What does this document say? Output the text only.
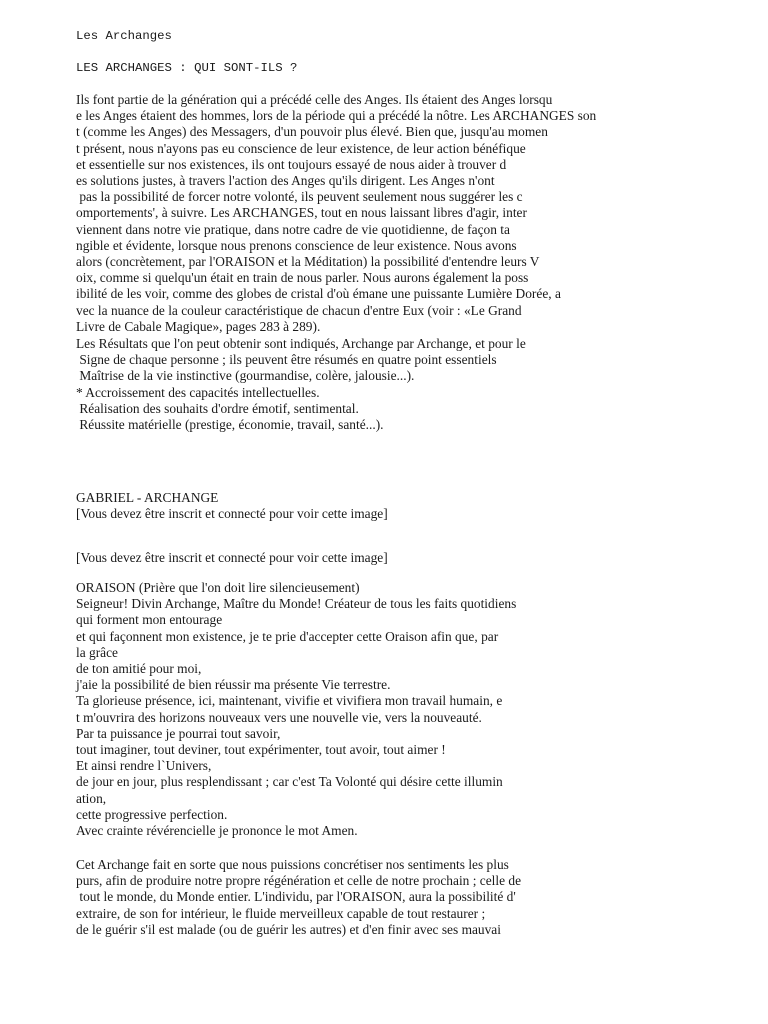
Les Archanges
LES ARCHANGES : QUI SONT-ILS ?
Ils font partie de la génération qui a précédé celle des Anges. Ils étaient des Anges lorsqu
e les Anges étaient des hommes, lors de la période qui a précédé la nôtre. Les ARCHANGES son
t (comme les Anges) des Messagers, d'un pouvoir plus élevé. Bien que, jusqu'au momen
t présent, nous n'ayons pas eu conscience de leur existence, de leur action bénéfique
et essentielle sur nos existences, ils ont toujours essayé de nous aider à trouver d
es solutions justes, à travers l'action des Anges qu'ils dirigent. Les Anges n'ont
pas la possibilité de forcer notre volonté, ils peuvent seulement nous suggérer les c
omportements', à suivre. Les ARCHANGES, tout en nous laissant libres d'agir, inter
viennent dans notre vie pratique, dans notre cadre de vie quotidienne, de façon ta
ngible et évidente, lorsque nous prenons conscience de leur existence. Nous avons
alors (concrètement, par l'ORAISON et la Méditation) la possibilité d'entendre leurs V
oix, comme si quelqu'un était en train de nous parler. Nous aurons également la poss
ibilité de les voir, comme des globes de cristal d'où émane une puissante Lumière Dorée, a
vec la nuance de la couleur caractéristique de chacun d'entre Eux (voir : «Le Grand
Livre de Cabale Magique», pages 283 à 289).
Les Résultats que l'on peut obtenir sont indiqués, Archange par Archange, et pour le
Signe de chaque personne ; ils peuvent être résumés en quatre point essentiels
Maîtrise de la vie instinctive (gourmandise, colère, jalousie...).
* Accroissement des capacités intellectuelles.
Réalisation des souhaits d'ordre émotif, sentimental.
Réussite matérielle (prestige, économie, travail, santé...).
GABRIEL - ARCHANGE
[Vous devez être inscrit et connecté pour voir cette image]
[Vous devez être inscrit et connecté pour voir cette image]
ORAISON (Prière que l'on doit lire silencieusement)
Seigneur! Divin Archange, Maître du Monde! Créateur de tous les faits quotidiens
qui forment mon entourage
et qui façonnent mon existence, je te prie d'accepter cette Oraison afin que, par
la grâce
de ton amitié pour moi,
j'aie la possibilité de bien réussir ma présente Vie terrestre.
Ta glorieuse présence, ici, maintenant, vivifie et vivifiera mon travail humain, e
t m'ouvrira des horizons nouveaux vers une nouvelle vie, vers la nouveauté.
Par ta puissance je pourrai tout savoir,
tout imaginer, tout deviner, tout expérimenter, tout avoir, tout aimer !
Et ainsi rendre l`Univers,
de jour en jour, plus resplendissant ; car c'est Ta Volonté qui désire cette illumin
ation,
cette progressive perfection.
Avec crainte révérencielle je prononce le mot Amen.
Cet Archange fait en sorte que nous puissions concrétiser nos sentiments les plus
purs, afin de produire notre propre régénération et celle de notre prochain ; celle de
tout le monde, du Monde entier. L'individu, par l'ORAISON, aura la possibilité d'
extraire, de son for intérieur, le fluide merveilleux capable de tout restaurer ;
de le guérir s'il est malade (ou de guérir les autres) et d'en finir avec ses mauvai
